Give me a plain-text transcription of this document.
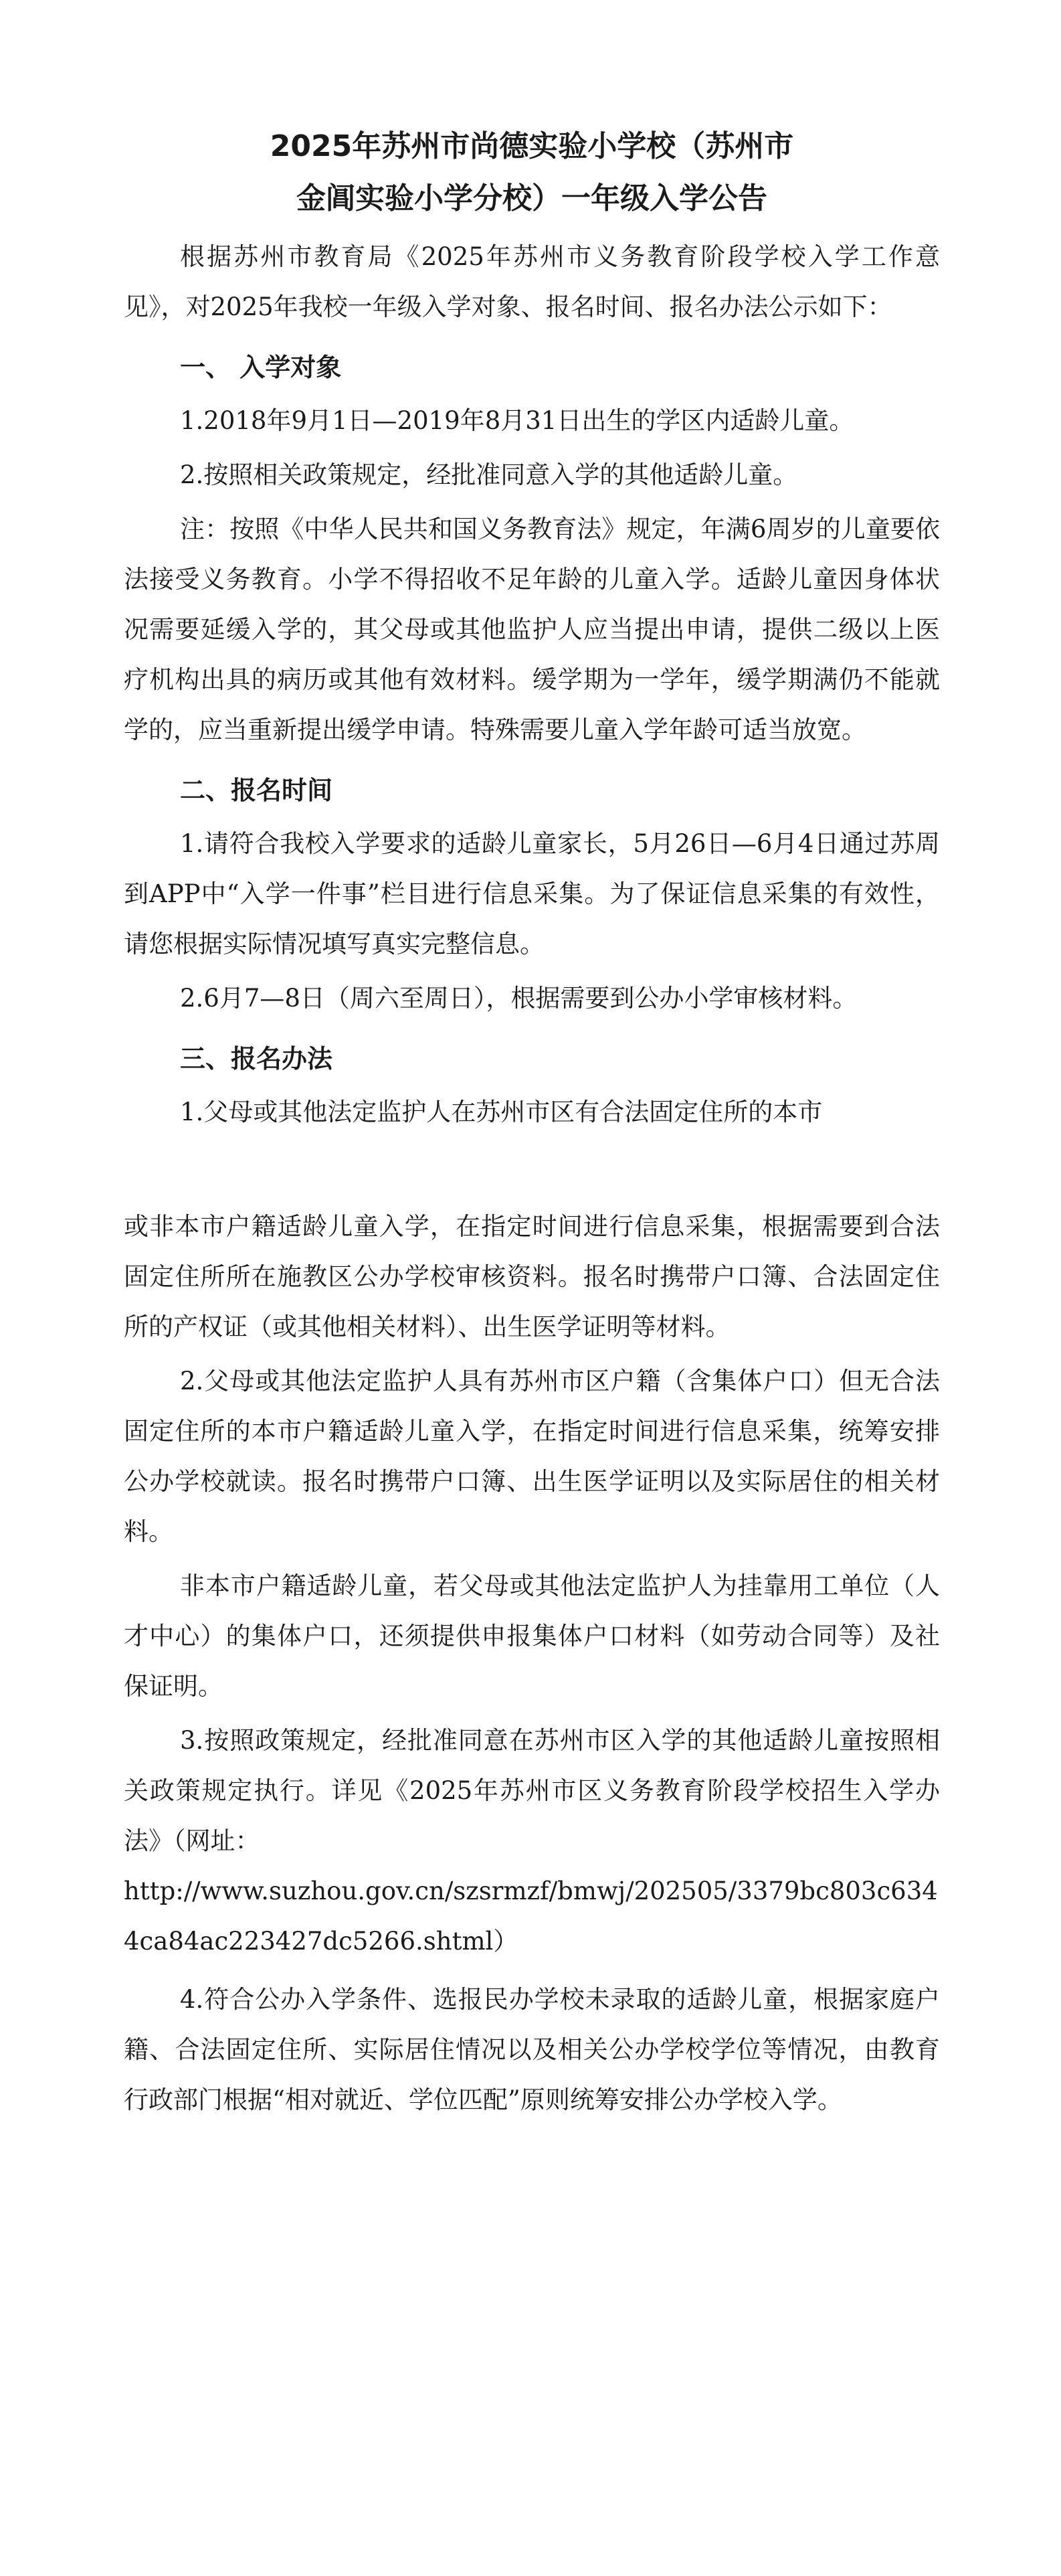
2025年苏州市尚德实验小学校（苏州市
金阊实验小学分校）一年级入学公告

根据苏州市教育局《2025年苏州市义务教育阶段学校入学工作意见》，对2025年我校一年级入学对象、报名时间、报名办法公示如下：

一、 入学对象

1.2018年9月1日—2019年8月31日出生的学区内适龄儿童。

2.按照相关政策规定，经批准同意入学的其他适龄儿童。

注：按照《中华人民共和国义务教育法》规定，年满6周岁的儿童要依法接受义务教育。小学不得招收不足年龄的儿童入学。适龄儿童因身体状况需要延缓入学的，其父母或其他监护人应当提出申请，提供二级以上医疗机构出具的病历或其他有效材料。缓学期为一学年，缓学期满仍不能就学的，应当重新提出缓学申请。特殊需要儿童入学年龄可适当放宽。

二、报名时间

1.请符合我校入学要求的适龄儿童家长，5月26日—6月4日通过苏周到APP中“入学一件事”栏目进行信息采集。为了保证信息采集的有效性，请您根据实际情况填写真实完整信息。

2.6月7—8日（周六至周日），根据需要到公办小学审核材料。

三、报名办法

1.父母或其他法定监护人在苏州市区有合法固定住所的本市

或非本市户籍适龄儿童入学，在指定时间进行信息采集，根据需要到合法固定住所所在施教区公办学校审核资料。报名时携带户口簿、合法固定住所的产权证（或其他相关材料）、出生医学证明等材料。

2.父母或其他法定监护人具有苏州市区户籍（含集体户口）但无合法固定住所的本市户籍适龄儿童入学，在指定时间进行信息采集，统筹安排公办学校就读。报名时携带户口簿、出生医学证明以及实际居住的相关材料。

非本市户籍适龄儿童，若父母或其他法定监护人为挂靠用工单位（人才中心）的集体户口，还须提供申报集体户口材料（如劳动合同等）及社保证明。

3.按照政策规定，经批准同意在苏州市区入学的其他适龄儿童按照相关政策规定执行。详见《2025年苏州市区义务教育阶段学校招生入学办法》（网址：

http://www.suzhou.gov.cn/szsrmzf/bmwj/202505/3379bc803c6344ca84ac223427dc5266.shtml）

4.符合公办入学条件、选报民办学校未录取的适龄儿童，根据家庭户籍、合法固定住所、实际居住情况以及相关公办学校学位等情况，由教育行政部门根据“相对就近、学位匹配”原则统筹安排公办学校入学。
